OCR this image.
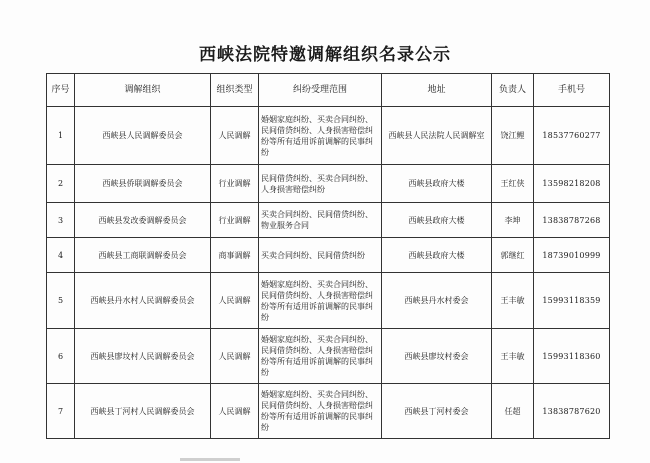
西峡法院特邀调解组织名录公示
序号	调解组织	组织类型	纠纷受理范围	地址	负责人	手机号
1	西峡县人民调解委员会	人民调解	婚姻家庭纠纷、买卖合同纠纷、民间借贷纠纷、人身损害赔偿纠纷等所有适用诉前调解的民事纠纷	西峡县人民法院人民调解室	饶江鲤	18537760277
2	西峡县侨联调解委员会	行业调解	民间借贷纠纷、买卖合同纠纷、人身损害赔偿纠纷	西峡县政府大楼	王红侠	13598218208
3	西峡县发改委调解委员会	行业调解	买卖合同纠纷、民间借贷纠纷、物业服务合同	西峡县政府大楼	李坤	13838787268
4	西峡县工商联调解委员会	商事调解	买卖合同纠纷、民间借贷纠纷	西峡县政府大楼	郭继红	18739010999
5	西峡县丹水村人民调解委员会	人民调解	婚姻家庭纠纷、买卖合同纠纷、民间借贷纠纷、人身损害赔偿纠纷等所有适用诉前调解的民事纠纷	西峡县丹水村委会	王丰敏	15993118359
6	西峡县廖坟村人民调解委员会	人民调解	婚姻家庭纠纷、买卖合同纠纷、民间借贷纠纷、人身损害赔偿纠纷等所有适用诉前调解的民事纠纷	西峡县廖坟村委会	王丰敏	15993118360
7	西峡县丁河村人民调解委员会	人民调解	婚姻家庭纠纷、买卖合同纠纷、民间借贷纠纷、人身损害赔偿纠纷等所有适用诉前调解的民事纠纷	西峡县丁河村委会	任超	13838787620
